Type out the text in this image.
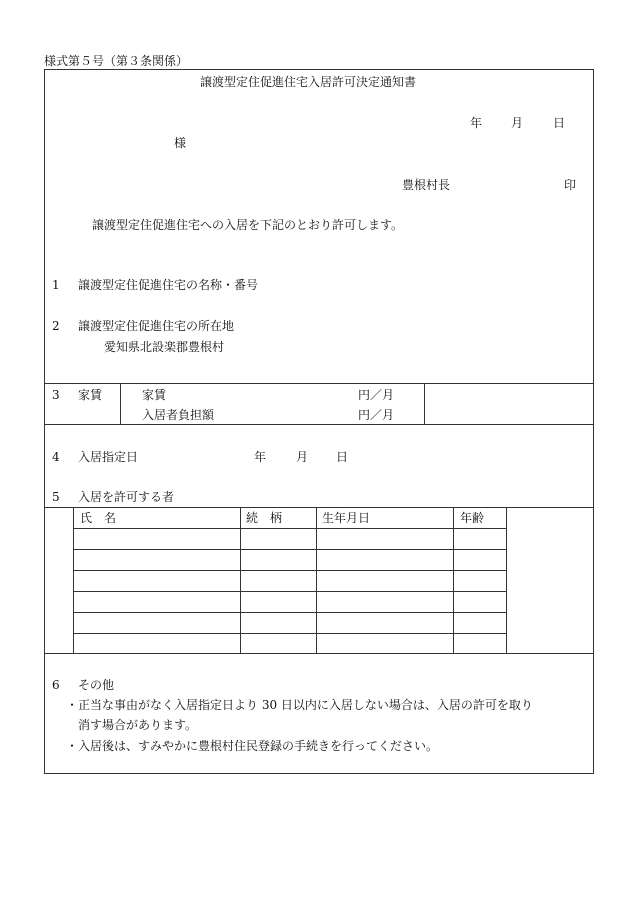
様式第５号（第３条関係）
譲渡型定住促進住宅入居許可決定通知書
年 月 日
様
豊根村長	印
譲渡型定住促進住宅への入居を下記のとおり許可します。
1 譲渡型定住促進住宅の名称・番号
2 譲渡型定住促進住宅の所在地
愛知県北設楽郡豊根村
3 家賃	家賃	円／月
入居者負担額	円／月
4 入居指定日	年 月 日
5 入居を許可する者
氏　名	続　柄	生年月日	年齢
6 その他
・正当な事由がなく入居指定日より 30 日以内に入居しない場合は、入居の許可を取り
消す場合があります。
・入居後は、すみやかに豊根村住民登録の手続きを行ってください。
